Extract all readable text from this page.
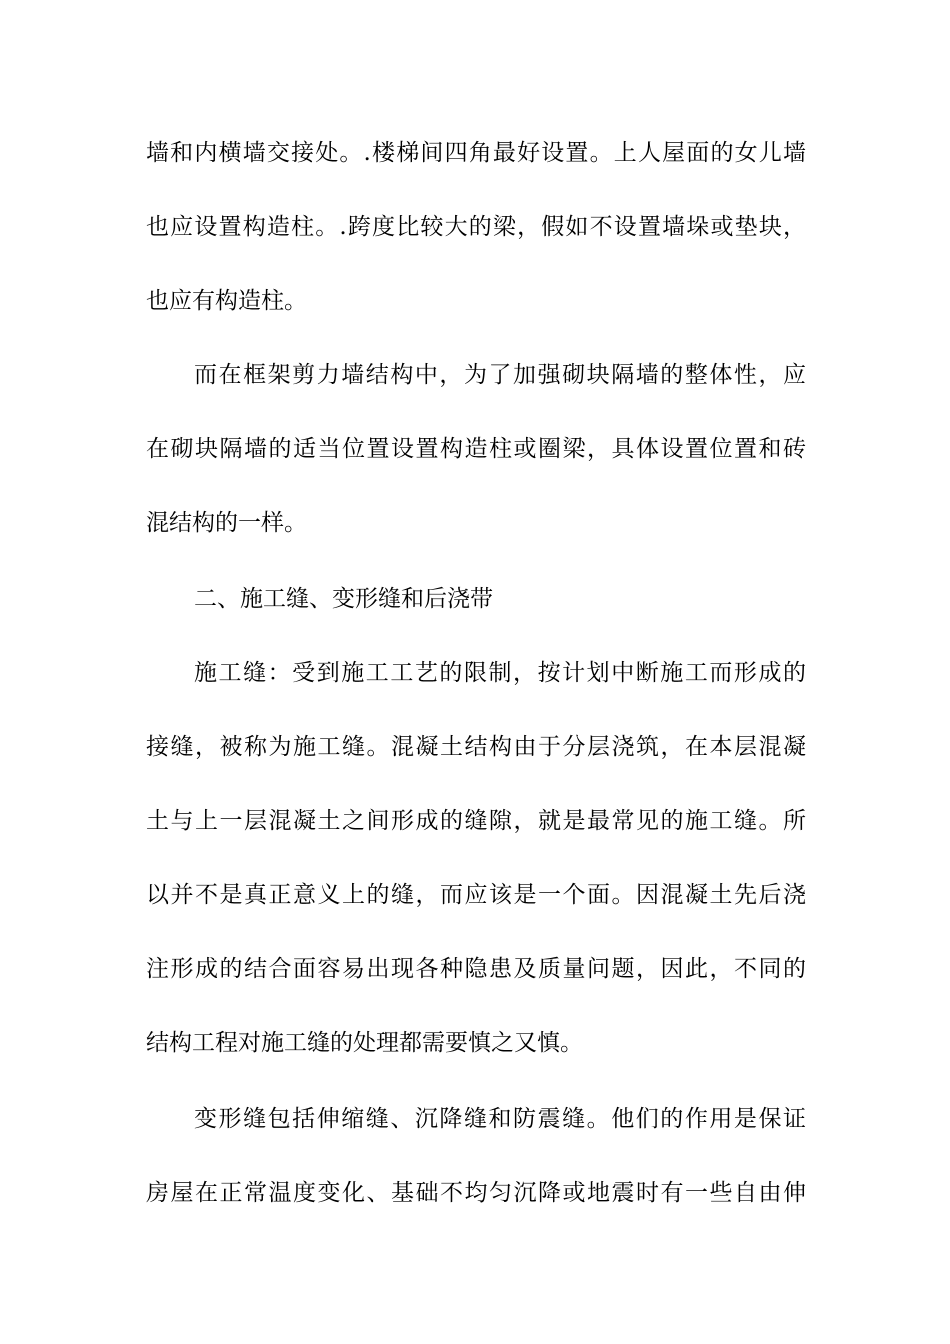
墙和内横墙交接处。.楼梯间四角最好设置。上人屋面的女儿墙
也应设置构造柱。.跨度比较大的梁，假如不设置墙垛或垫块，
也应有构造柱。
而在框架剪力墙结构中，为了加强砌块隔墙的整体性，应
在砌块隔墙的适当位置设置构造柱或圈梁，具体设置位置和砖
混结构的一样。
二、施工缝、变形缝和后浇带
施工缝：受到施工工艺的限制，按计划中断施工而形成的
接缝，被称为施工缝。混凝土结构由于分层浇筑，在本层混凝
土与上一层混凝土之间形成的缝隙，就是最常见的施工缝。所
以并不是真正意义上的缝，而应该是一个面。因混凝土先后浇
注形成的结合面容易出现各种隐患及质量问题，因此，不同的
结构工程对施工缝的处理都需要慎之又慎。
变形缝包括伸缩缝、沉降缝和防震缝。他们的作用是保证
房屋在正常温度变化、基础不均匀沉降或地震时有一些自由伸
